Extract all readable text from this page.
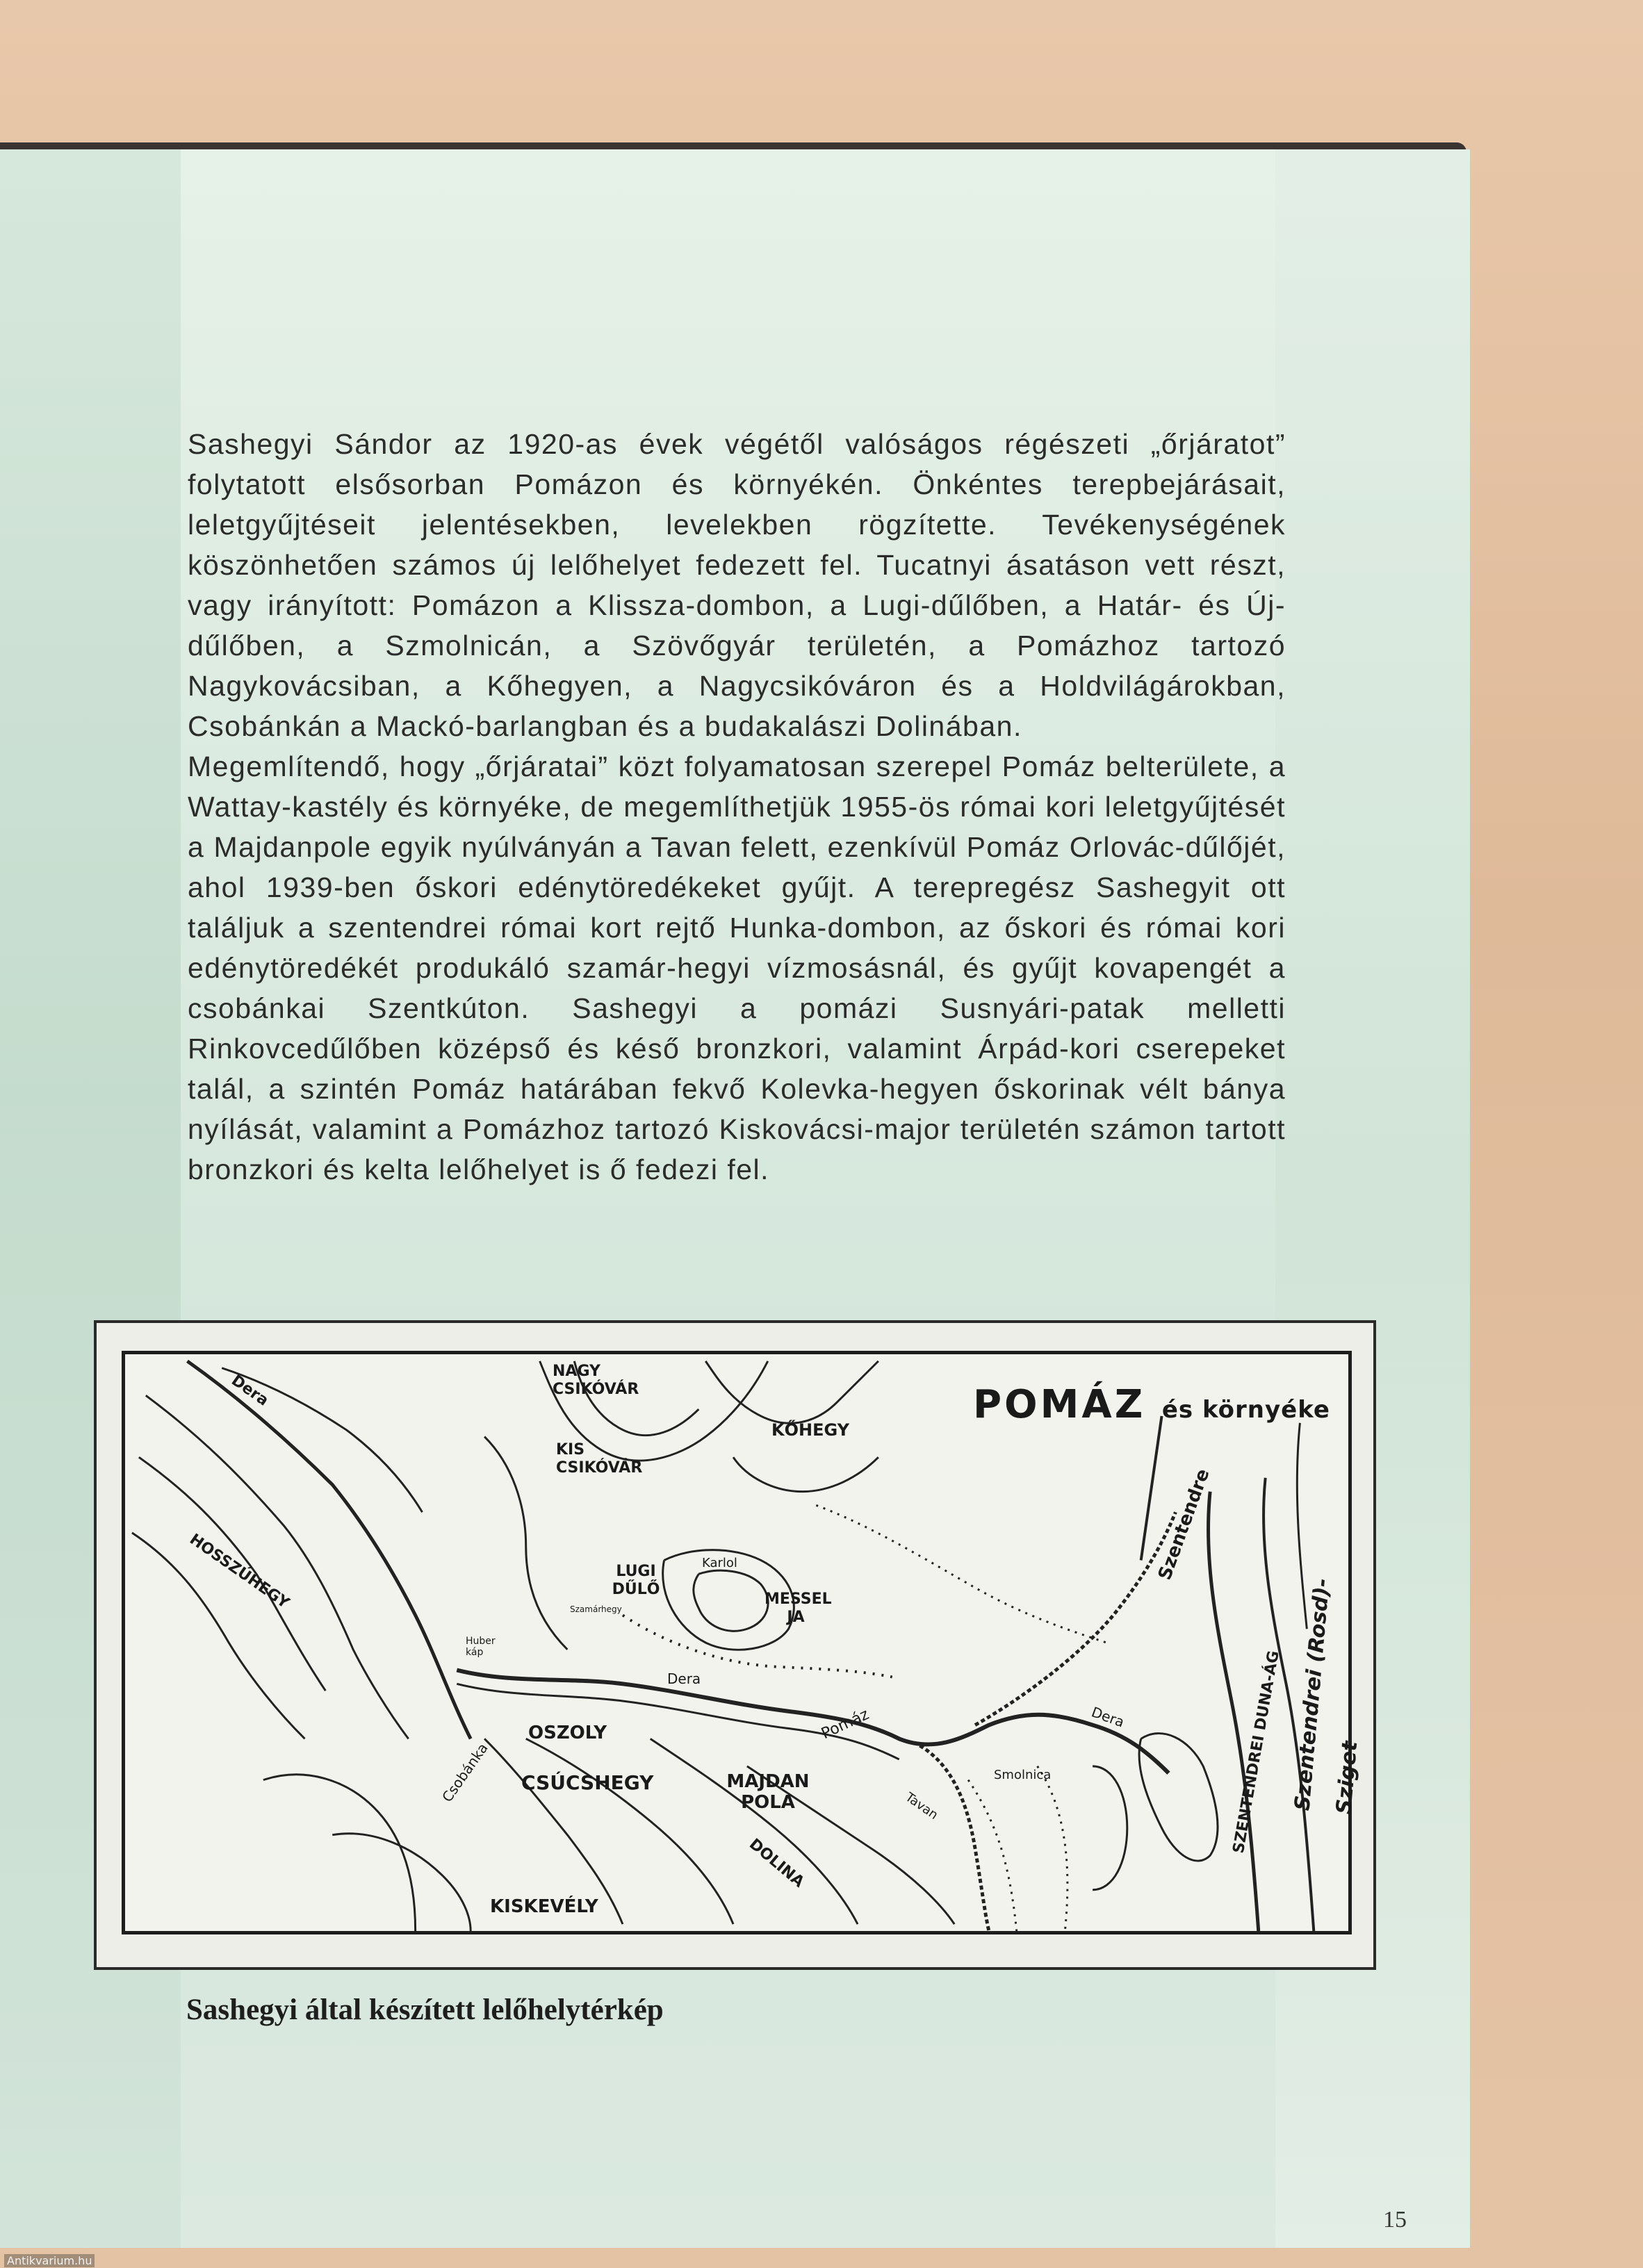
Sashegyi Sándor az 1920-as évek végétől valóságos régészeti „őrjáratot” folytatott elsősorban Pomázon és környékén. Önkéntes terepbejárásait, leletgyűjtéseit jelentésekben, levelekben rögzítette. Tevékenységének köszönhetően számos új lelőhelyet fedezett fel. Tucatnyi ásatáson vett részt, vagy irányított: Pomázon a Klissza-dombon, a Lugi-dűlőben, a Határ- és Új-dűlőben, a Szmolnicán, a Szövőgyár területén, a Pomázhoz tartozó Nagykovácsiban, a Kőhegyen, a Nagycsikóváron és a Holdvilágárokban, Csobánkán a Mackó-barlangban és a budakalászi Dolinában.

Megemlítendő, hogy „őrjáratai” közt folyamatosan szerepel Pomáz belterülete, a Wattay-kastély és környéke, de megemlíthetjük 1955-ös római kori leletgyűjtését a Majdanpole egyik nyúlványán a Tavan felett, ezenkívül Pomáz Orlovác-dűlőjét, ahol 1939-ben őskori edénytöredékeket gyűjt. A terepregész Sashegyit ott találjuk a szentendrei római kort rejtő Hunka-dombon, az őskori és római kori edénytöredékét produkáló szamár-hegyi vízmosásnál, és gyűjt kovapengét a csobánkai Szentkúton. Sashegyi a pomázi Susnyári-patak melletti Rinkovcedűlőben középső és késő bronzkori, valamint Árpád-kori cserepeket talál, a szintén Pomáz határában fekvő Kolevka-hegyen őskorinak vélt bánya nyílását, valamint a Pomázhoz tartozó Kiskovácsi-major területén számon tartott bronzkori és kelta lelőhelyet is ő fedezi fel.

POMÁZ és környéke
NAGY CSIKÓVÁR
KIS CSIKÓVÁR
KŐHEGY
Dera
HOSSZÚHEGY	LUGI DŰLŐ
Karlol
MESSEL JA
Szamárhegy
Huber káp
Dera
Pomáz
OSZOLY
CSÚCSHEGY	MAJDAN POLA
DOLINA
KISKEVÉLY
Csobánka	Smolnica
Tavan
Szentendre
Dera	SZENTENDREI DUNA-ÁG Szentendrei (Rosd)- Sziget
Sashegyi által készített lelőhelytérkép
15
Antikvarium.hu
